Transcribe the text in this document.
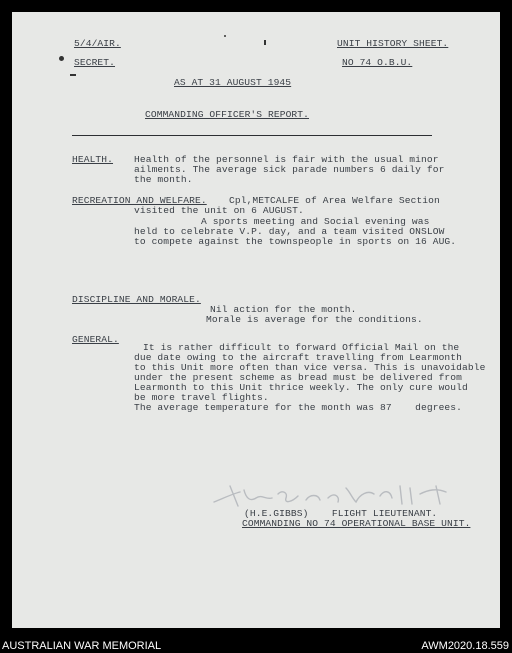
5/4/AIR.
SECRET.
UNIT HISTORY SHEET.
NO 74 O.B.U.
AS AT 31 AUGUST 1945
COMMANDING OFFICER'S REPORT.
HEALTH. Health of the personnel is fair with the usual minor
ailments. The average sick parade numbers 6 daily for
the month.
RECREATION AND WELFARE. Cpl,METCALFE of Area Welfare Section
visited the unit on 6 AUGUST.
A sports meeting and Social evening was
held to celebrate V.P. day, and a team visited ONSLOW
to compete against the townspeople in sports on 16 AUG.
DISCIPLINE AND MORALE.
Nil action for the month.
Morale is average for the conditions.
GENERAL.
It is rather difficult to forward Official Mail on the
due date owing to the aircraft travelling from Learmonth
to this Unit more often than vice versa. This is unavoidable
under the present scheme as bread must be delivered from
Learmonth to this Unit thrice weekly. The only cure would
be more travel flights.
The average temperature for the month was 87    degrees.
(H.E.GIBBS)    FLIGHT LIEUTENANT.
COMMANDING NO 74 OPERATIONAL BASE UNIT.
AUSTRALIAN WAR MEMORIAL	AWM2020.18.559
